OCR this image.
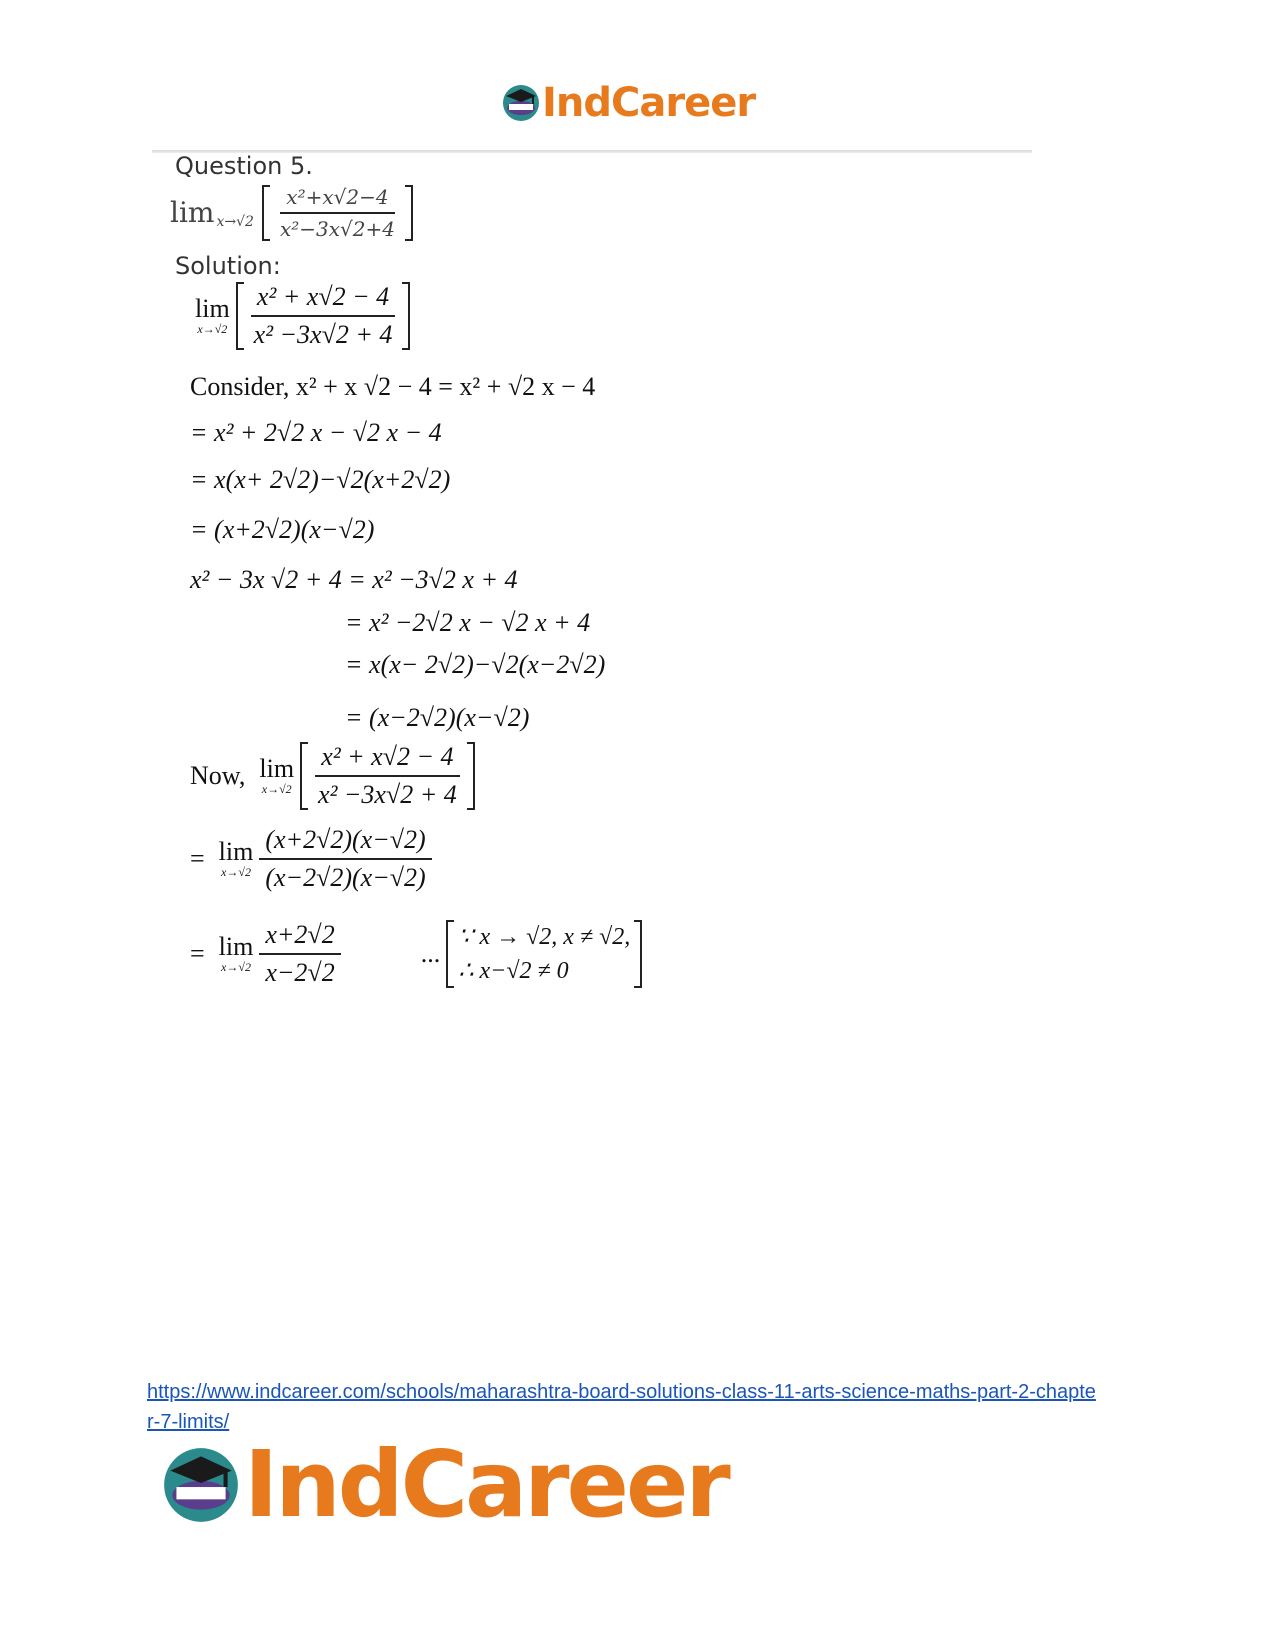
IndCareer
Question 5.
$\lim x\to√2 \frac{\text{x²+x√2−4}}{\text{x²−3x√2+4}}$
Solution:
lim
$x\to√2 \frac{\text{x² + x√2 − 4}}{\text{x² −3x√2 + 4}}$
Consider, x² + x √2 − 4 = x² + √2 x − 4
= x² + 2√2 x − √2 x − 4
= x(x+ 2√2)−√2(x+2√2)
= (x+2√2)(x−√2)
x² − 3x √2 + 4 = x² −3√2 x + 4
= x² −2√2 x − √2 x + 4
= x(x− 2√2)−√2(x−2√2)
= (x−2√2)(x−√2)
Now, lim
$x\to√2 \frac{\text{x² + x√2 − 4}}{\text{x² −3x√2 + 4}}$
= lim
$x\to√2 \frac{(x+2√2)(x-√2)}{(x-2√2)(x-√2)}$
= lim
$x\to√2 \frac{x+2√2}{x-2√2}$	...
∵ x → √2, x ≠ √2,
∴ x−√2 ≠ 0
https://www.indcareer.com/schools/maharashtra-board-solutions-class-11-arts-science-maths-part-2-chapter-7-limits/
IndCareer
